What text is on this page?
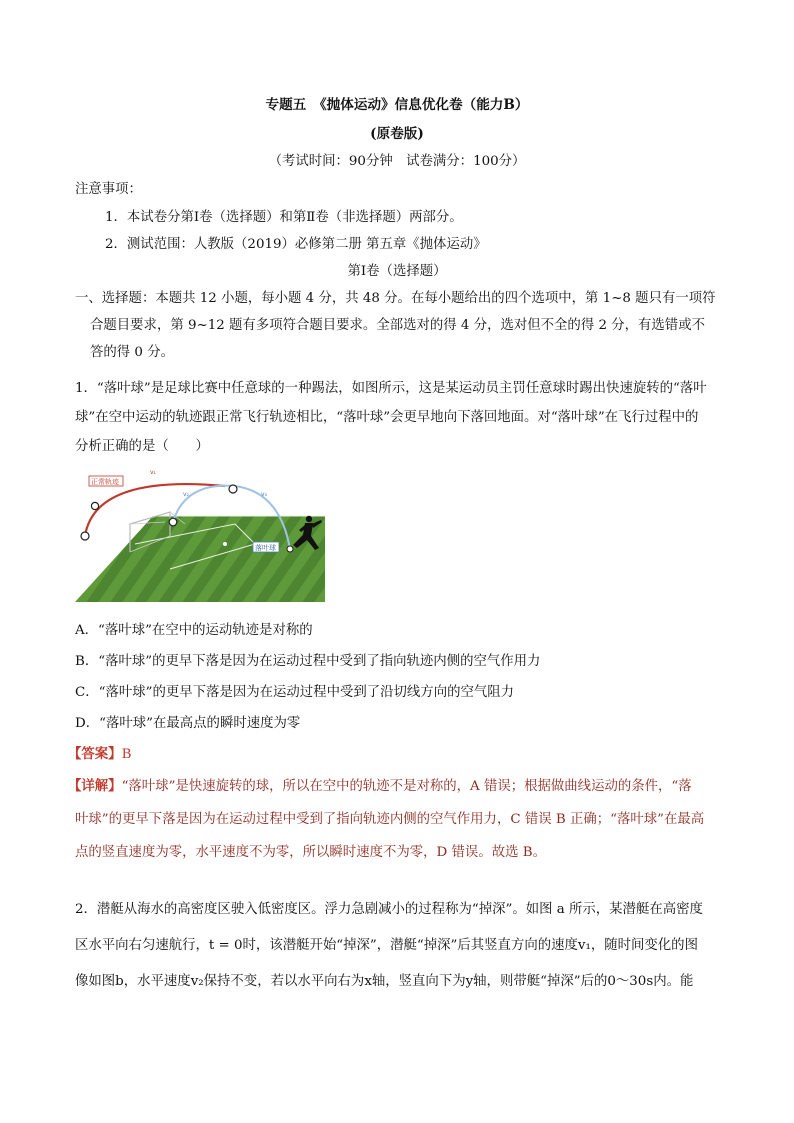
专题五　《抛体运动》信息优化卷（能力B）
(原卷版)
（考试时间：90分钟　试卷满分：100分）
注意事项：
1．本试卷分第Ⅰ卷（选择题）和第Ⅱ卷（非选择题）两部分。
2．测试范围：人教版（2019）必修第二册 第五章《抛体运动》
第Ⅰ卷（选择题）
一、选择题：本题共 12 小题，每小题 4 分，共 48 分。在每小题给出的四个选项中，第 1~8 题只有一项符
合题目要求，第 9~12 题有多项符合题目要求。全部选对的得 4 分，选对但不全的得 2 分，有选错或不
答的得 0 分。
1．“落叶球”是足球比赛中任意球的一种踢法，如图所示，这是某运动员主罚任意球时踢出快速旋转的“落叶
球”在空中运动的轨迹跟正常飞行轨迹相比，“落叶球”会更早地向下落回地面。对“落叶球”在飞行过程中的
分析正确的是（　　）
v₁
v₂	v₃
正常轨迹
落叶球
A．“落叶球”在空中的运动轨迹是对称的
B．“落叶球”的更早下落是因为在运动过程中受到了指向轨迹内侧的空气作用力
C．“落叶球”的更早下落是因为在运动过程中受到了沿切线方向的空气阻力
D．“落叶球”在最高点的瞬时速度为零
【答案】B
【详解】“落叶球”是快速旋转的球，所以在空中的轨迹不是对称的，A 错误；根据做曲线运动的条件，“落
叶球”的更早下落是因为在运动过程中受到了指向轨迹内侧的空气作用力，C 错误 B 正确；“落叶球”在最高
点的竖直速度为零，水平速度不为零，所以瞬时速度不为零，D 错误。故选 B。
2．潜艇从海水的高密度区驶入低密度区。浮力急剧减小的过程称为“掉深”。如图 a 所示，某潜艇在高密度
区水平向右匀速航行，t = 0时，该潜艇开始“掉深”，潜艇“掉深”后其竖直方向的速度v₁，随时间变化的图
像如图b，水平速度v₂保持不变，若以水平向右为x轴，竖直向下为y轴，则带艇“掉深”后的0～30s内。能
